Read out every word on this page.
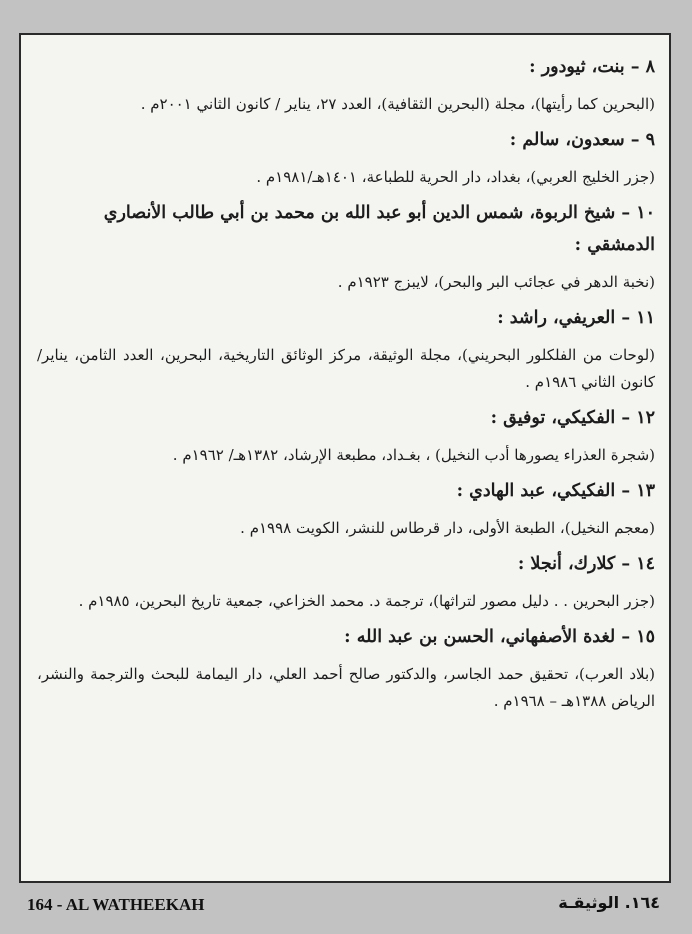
٨ – بنت، ثيودور :
(البحرين كما رأيتها)، مجلة (البحرين الثقافية)، العدد ٢٧، يناير / كانون الثاني ٢٠٠١م .
٩ – سعدون، سالم :
(جزر الخليج العربي)، بغداد، دار الحرية للطباعة، ١٤٠١هـ/١٩٨١م .
١٠ – شيخ الربوة، شمس الدين أبو عبد الله بن محمد بن أبي طالب الأنصاري الدمشقي :
(نخبة الدهر في عجائب البر والبحر)، لايبزج ١٩٢٣م .
١١ – العريفي، راشد :
(لوحات من الفلكلور البحريني)، مجلة الوثيقة، مركز الوثائق التاريخية، البحرين، العدد الثامن، يناير/كانون الثاني ١٩٨٦م .
١٢ – الفكيكي، توفيق :
(شجرة العذراء يصورها أدب النخيل) ، بغـداد، مطبعة الإرشاد، ١٣٨٢هـ/ ١٩٦٢م .
١٣ – الفكيكي، عبد الهادي :
(معجم النخيل)، الطبعة الأولى، دار قرطاس للنشر، الكويت ١٩٩٨م .
١٤ – كلارك، أنجلا :
(جزر البحرين . . دليل مصور لتراثها)، ترجمة د. محمد الخزاعي، جمعية تاريخ البحرين، ١٩٨٥م .
١٥ – لغدة الأصفهاني، الحسن بن عبد الله :
(بلاد العرب)، تحقيق حمد الجاسر، والدكتور صالح أحمد العلي، دار اليمامة للبحث والترجمة والنشر، الرياض ١٣٨٨هـ – ١٩٦٨م .
164 - AL WATHEEKAH	١٦٤. الوثيقـة
